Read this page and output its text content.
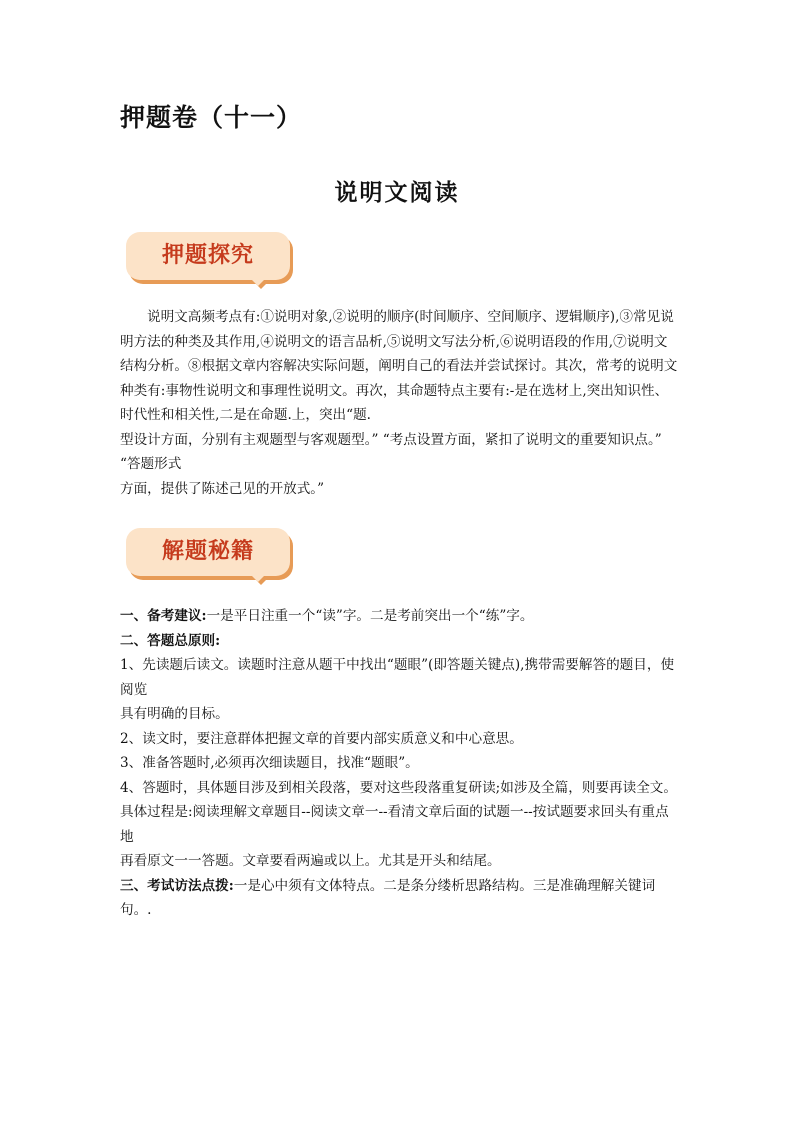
押题卷（十一）
说明文阅读
押题探究

说明文高频考点有:①说明对象,②说明的顺序(时间顺序、空间顺序、逻辑顺序),③常见说明方法的种类及其作用,④说明文的语言品析,⑤说明文写法分析,⑥说明语段的作用,⑦说明文结构分析。⑧根据文章内容解决实际问题，阐明自己的看法并尝试探讨。其次，常考的说明文种类有:事物性说明文和事理性说明文。再次，其命题特点主要有:-是在选材上,突出知识性、时代性和相关性,二是在命题.上，突出“题.

型设计方面，分别有主观题型与客观题型。” “考点设置方面，紧扣了说明文的重要知识点。” “答题形式

方面，提供了陈述己见的开放式。”

解题秘籍

一、备考建议:一是平日注重一个“读”字。二是考前突出一个“练”字。

二、答题总原则:

1、先读题后读文。读题时注意从题干中找出“题眼”(即答题关键点),携带需要解答的题目，使阅览

具有明确的目标。

2、读文时，要注意群体把握文章的首要内部实质意义和中心意思。

3、准备答题时,必须再次细读题目，找准“题眼”。

4、答题时，具体题目涉及到相关段落，要对这些段落重复研读;如涉及全篇，则要再读全文。具体过程是:阅读理解文章题目--阅读文章一--看清文章后面的试题一--按试题要求回头有重点地

再看原文一一答题。文章要看两遍或以上。尤其是开头和结尾。

三、考试访法点拨:一是心中须有文体特点。二是条分缕析思路结构。三是准确理解关键词句。.
